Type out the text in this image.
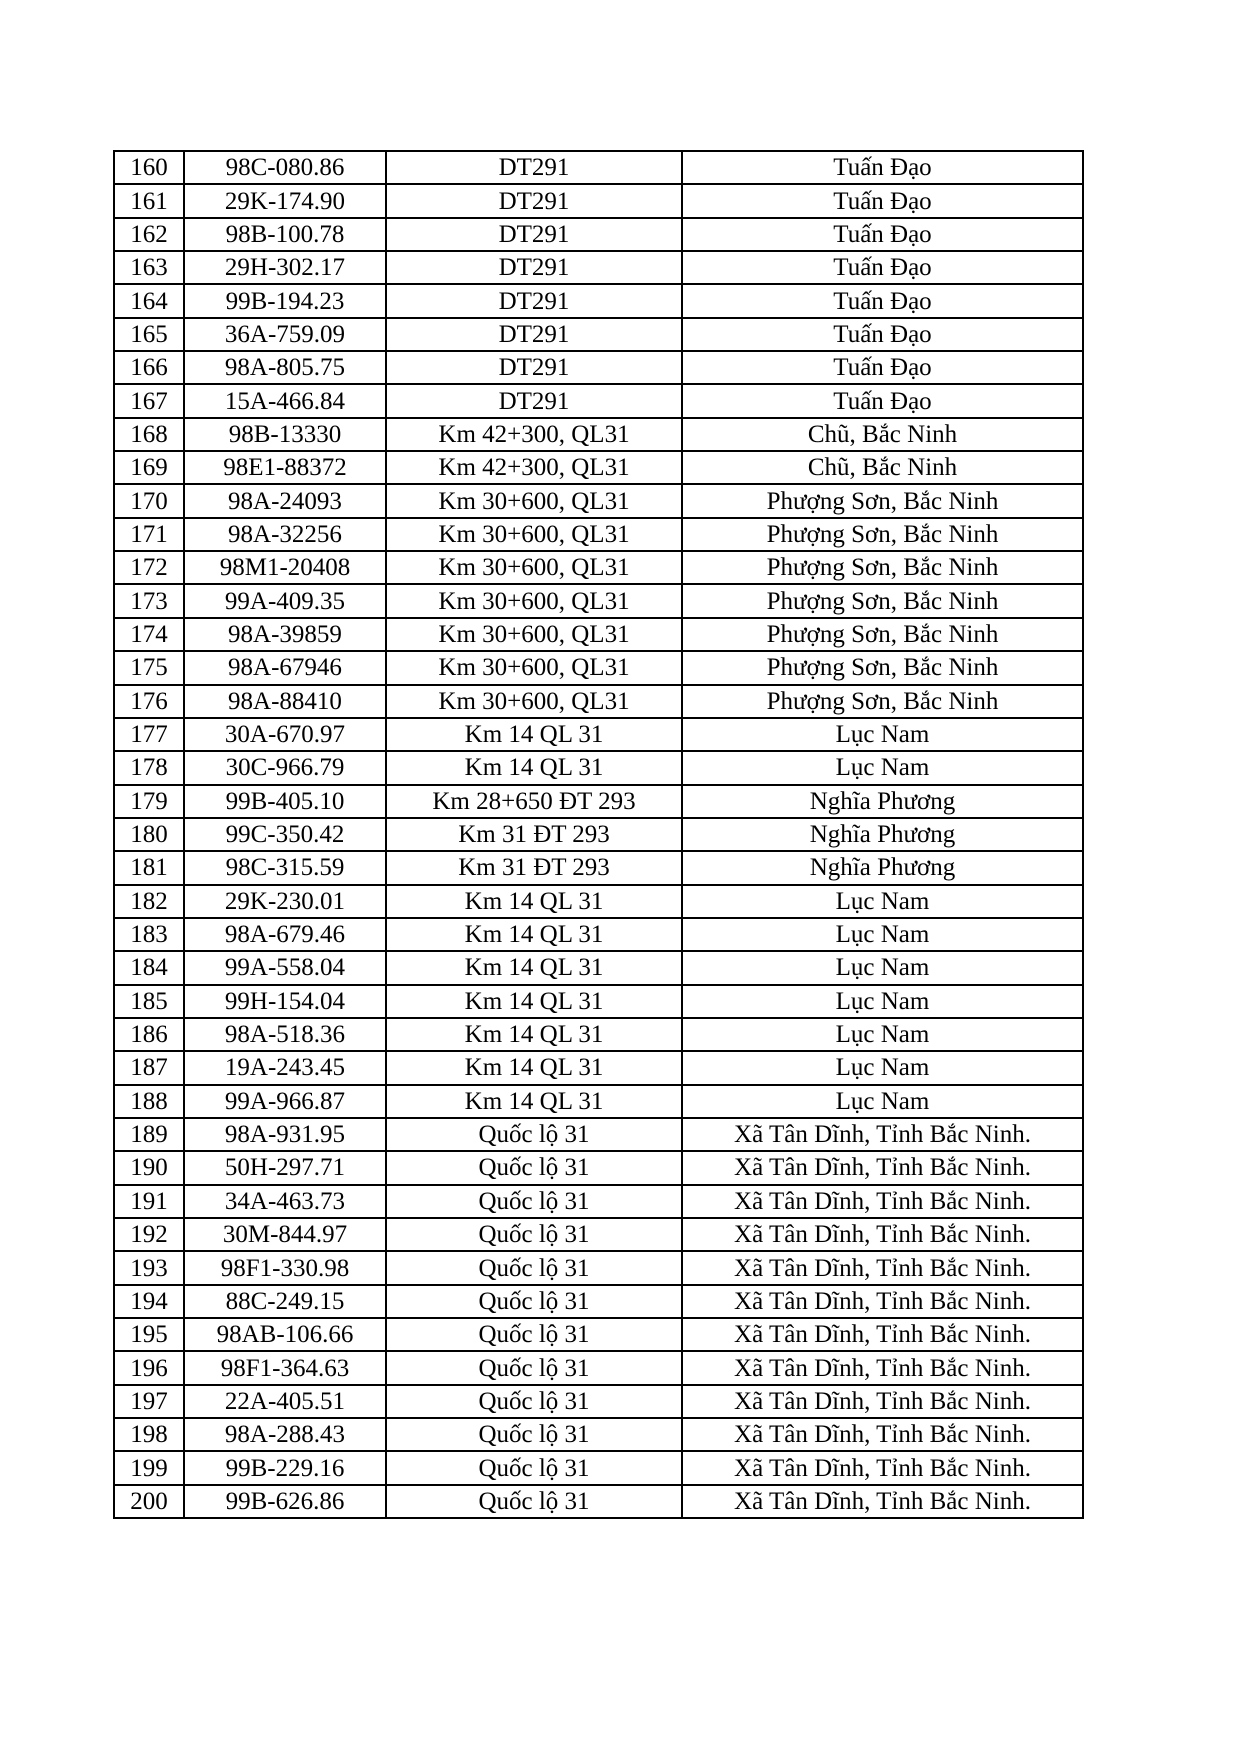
160	98C-080.86	DT291	Tuấn Đạo
161	29K-174.90	DT291	Tuấn Đạo
162	98B-100.78	DT291	Tuấn Đạo
163	29H-302.17	DT291	Tuấn Đạo
164	99B-194.23	DT291	Tuấn Đạo
165	36A-759.09	DT291	Tuấn Đạo
166	98A-805.75	DT291	Tuấn Đạo
167	15A-466.84	DT291	Tuấn Đạo
168	98B-13330	Km 42+300, QL31	Chũ, Bắc Ninh
169	98E1-88372	Km 42+300, QL31	Chũ, Bắc Ninh
170	98A-24093	Km 30+600, QL31	Phượng Sơn, Bắc Ninh
171	98A-32256	Km 30+600, QL31	Phượng Sơn, Bắc Ninh
172	98M1-20408	Km 30+600, QL31	Phượng Sơn, Bắc Ninh
173	99A-409.35	Km 30+600, QL31	Phượng Sơn, Bắc Ninh
174	98A-39859	Km 30+600, QL31	Phượng Sơn, Bắc Ninh
175	98A-67946	Km 30+600, QL31	Phượng Sơn, Bắc Ninh
176	98A-88410	Km 30+600, QL31	Phượng Sơn, Bắc Ninh
177	30A-670.97	Km 14 QL 31	Lục Nam
178	30C-966.79	Km 14 QL 31	Lục Nam
179	99B-405.10	Km 28+650 ĐT 293	Nghĩa Phương
180	99C-350.42	Km 31 ĐT 293	Nghĩa Phương
181	98C-315.59	Km 31 ĐT 293	Nghĩa Phương
182	29K-230.01	Km 14 QL 31	Lục Nam
183	98A-679.46	Km 14 QL 31	Lục Nam
184	99A-558.04	Km 14 QL 31	Lục Nam
185	99H-154.04	Km 14 QL 31	Lục Nam
186	98A-518.36	Km 14 QL 31	Lục Nam
187	19A-243.45	Km 14 QL 31	Lục Nam
188	99A-966.87	Km 14 QL 31	Lục Nam
189	98A-931.95	Quốc lộ 31	Xã Tân Dĩnh, Tỉnh Bắc Ninh.
190	50H-297.71	Quốc lộ 31	Xã Tân Dĩnh, Tỉnh Bắc Ninh.
191	34A-463.73	Quốc lộ 31	Xã Tân Dĩnh, Tỉnh Bắc Ninh.
192	30M-844.97	Quốc lộ 31	Xã Tân Dĩnh, Tỉnh Bắc Ninh.
193	98F1-330.98	Quốc lộ 31	Xã Tân Dĩnh, Tỉnh Bắc Ninh.
194	88C-249.15	Quốc lộ 31	Xã Tân Dĩnh, Tỉnh Bắc Ninh.
195	98AB-106.66	Quốc lộ 31	Xã Tân Dĩnh, Tỉnh Bắc Ninh.
196	98F1-364.63	Quốc lộ 31	Xã Tân Dĩnh, Tỉnh Bắc Ninh.
197	22A-405.51	Quốc lộ 31	Xã Tân Dĩnh, Tỉnh Bắc Ninh.
198	98A-288.43	Quốc lộ 31	Xã Tân Dĩnh, Tỉnh Bắc Ninh.
199	99B-229.16	Quốc lộ 31	Xã Tân Dĩnh, Tỉnh Bắc Ninh.
200	99B-626.86	Quốc lộ 31	Xã Tân Dĩnh, Tỉnh Bắc Ninh.
